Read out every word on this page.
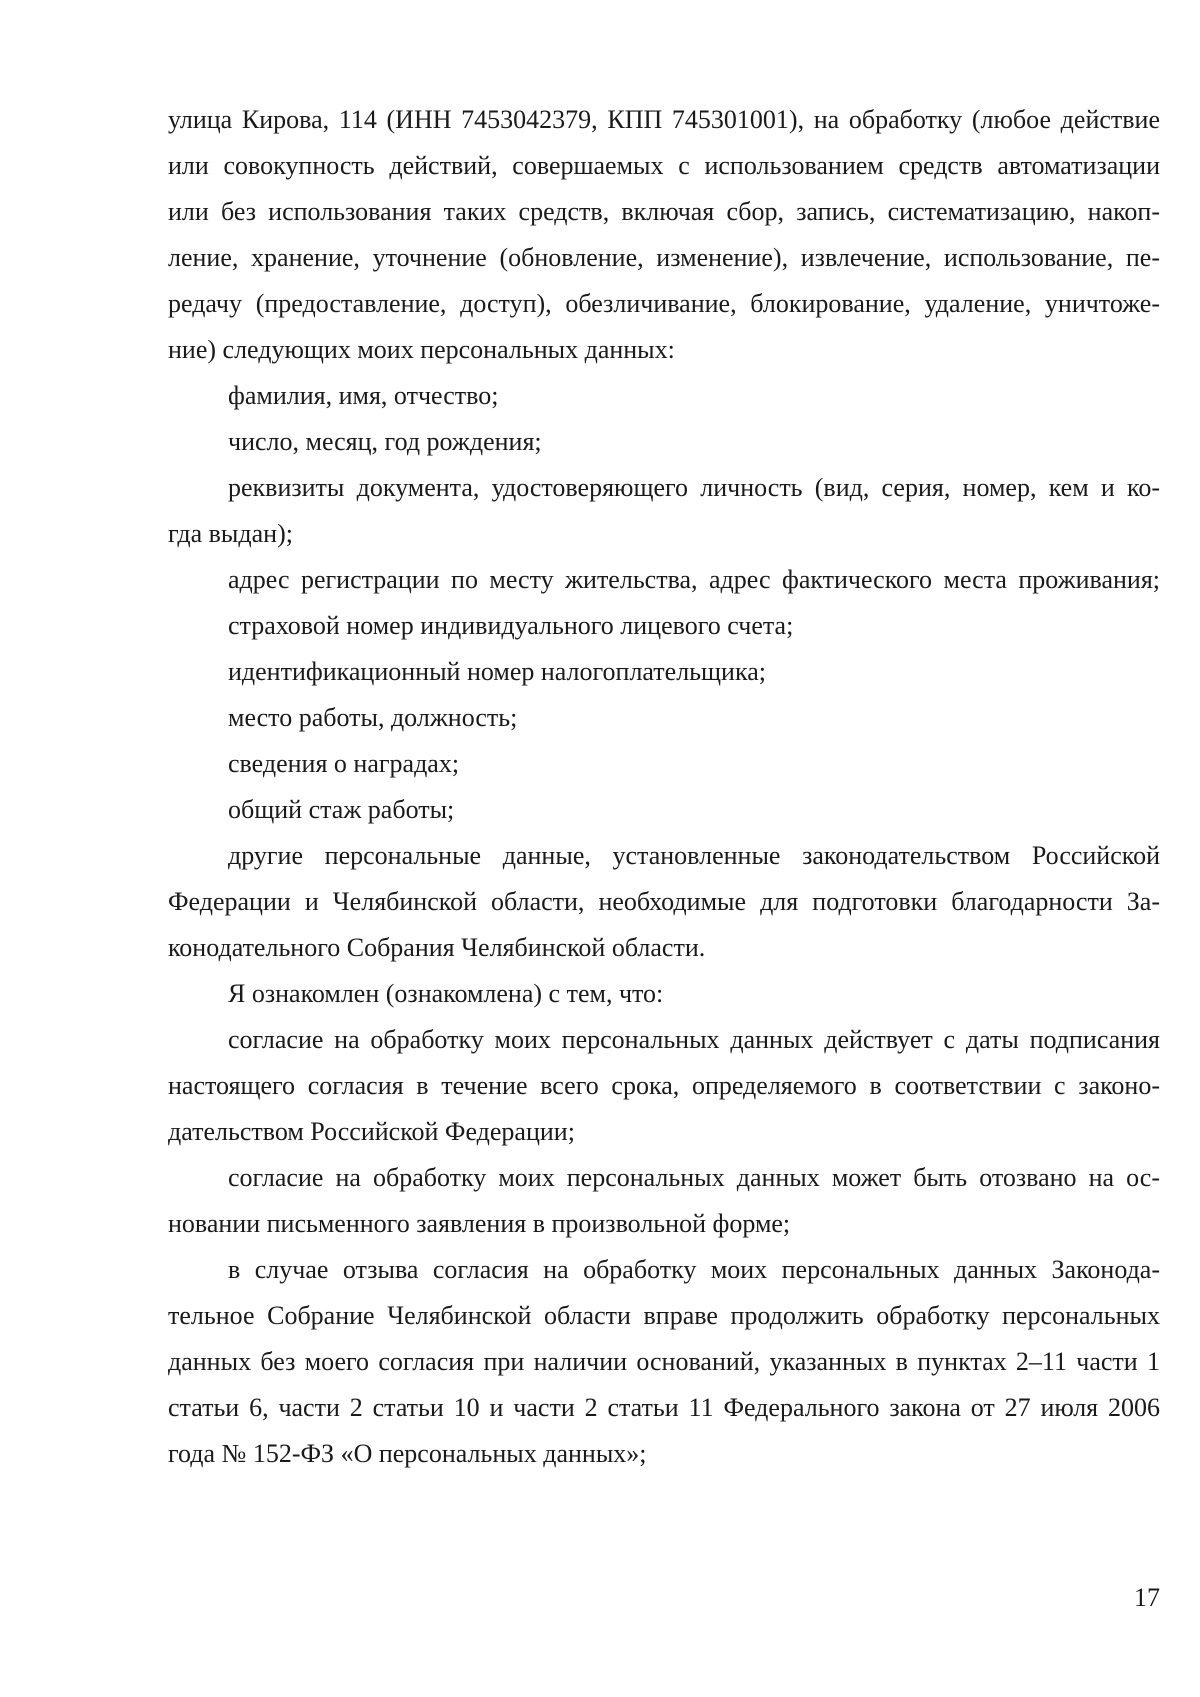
улица Кирова, 114 (ИНН 7453042379, КПП 745301001), на обработку (любое действие
или совокупность действий, совершаемых с использованием средств автоматизации
или без использования таких средств, включая сбор, запись, систематизацию, накоп-
ление, хранение, уточнение (обновление, изменение), извлечение, использование, пе-
редачу (предоставление, доступ), обезличивание, блокирование, удаление, уничтоже-
ние) следующих моих персональных данных:
фамилия, имя, отчество;
число, месяц, год рождения;
реквизиты документа, удостоверяющего личность (вид, серия, номер, кем и ко-
гда выдан);
адрес регистрации по месту жительства, адрес фактического места проживания;
страховой номер индивидуального лицевого счета;
идентификационный номер налогоплательщика;
место работы, должность;
сведения о наградах;
общий стаж работы;
другие персональные данные, установленные законодательством Российской
Федерации и Челябинской области, необходимые для подготовки благодарности За-
конодательного Собрания Челябинской области.
Я ознакомлен (ознакомлена) с тем, что:
согласие на обработку моих персональных данных действует с даты подписания
настоящего согласия в течение всего срока, определяемого в соответствии с законо-
дательством Российской Федерации;
согласие на обработку моих персональных данных может быть отозвано на ос-
новании письменного заявления в произвольной форме;
в случае отзыва согласия на обработку моих персональных данных Законода-
тельное Собрание Челябинской области вправе продолжить обработку персональных
данных без моего согласия при наличии оснований, указанных в пунктах 2–11 части 1
статьи 6, части 2 статьи 10 и части 2 статьи 11 Федерального закона от 27 июля 2006
года № 152-ФЗ «О персональных данных»;
17
